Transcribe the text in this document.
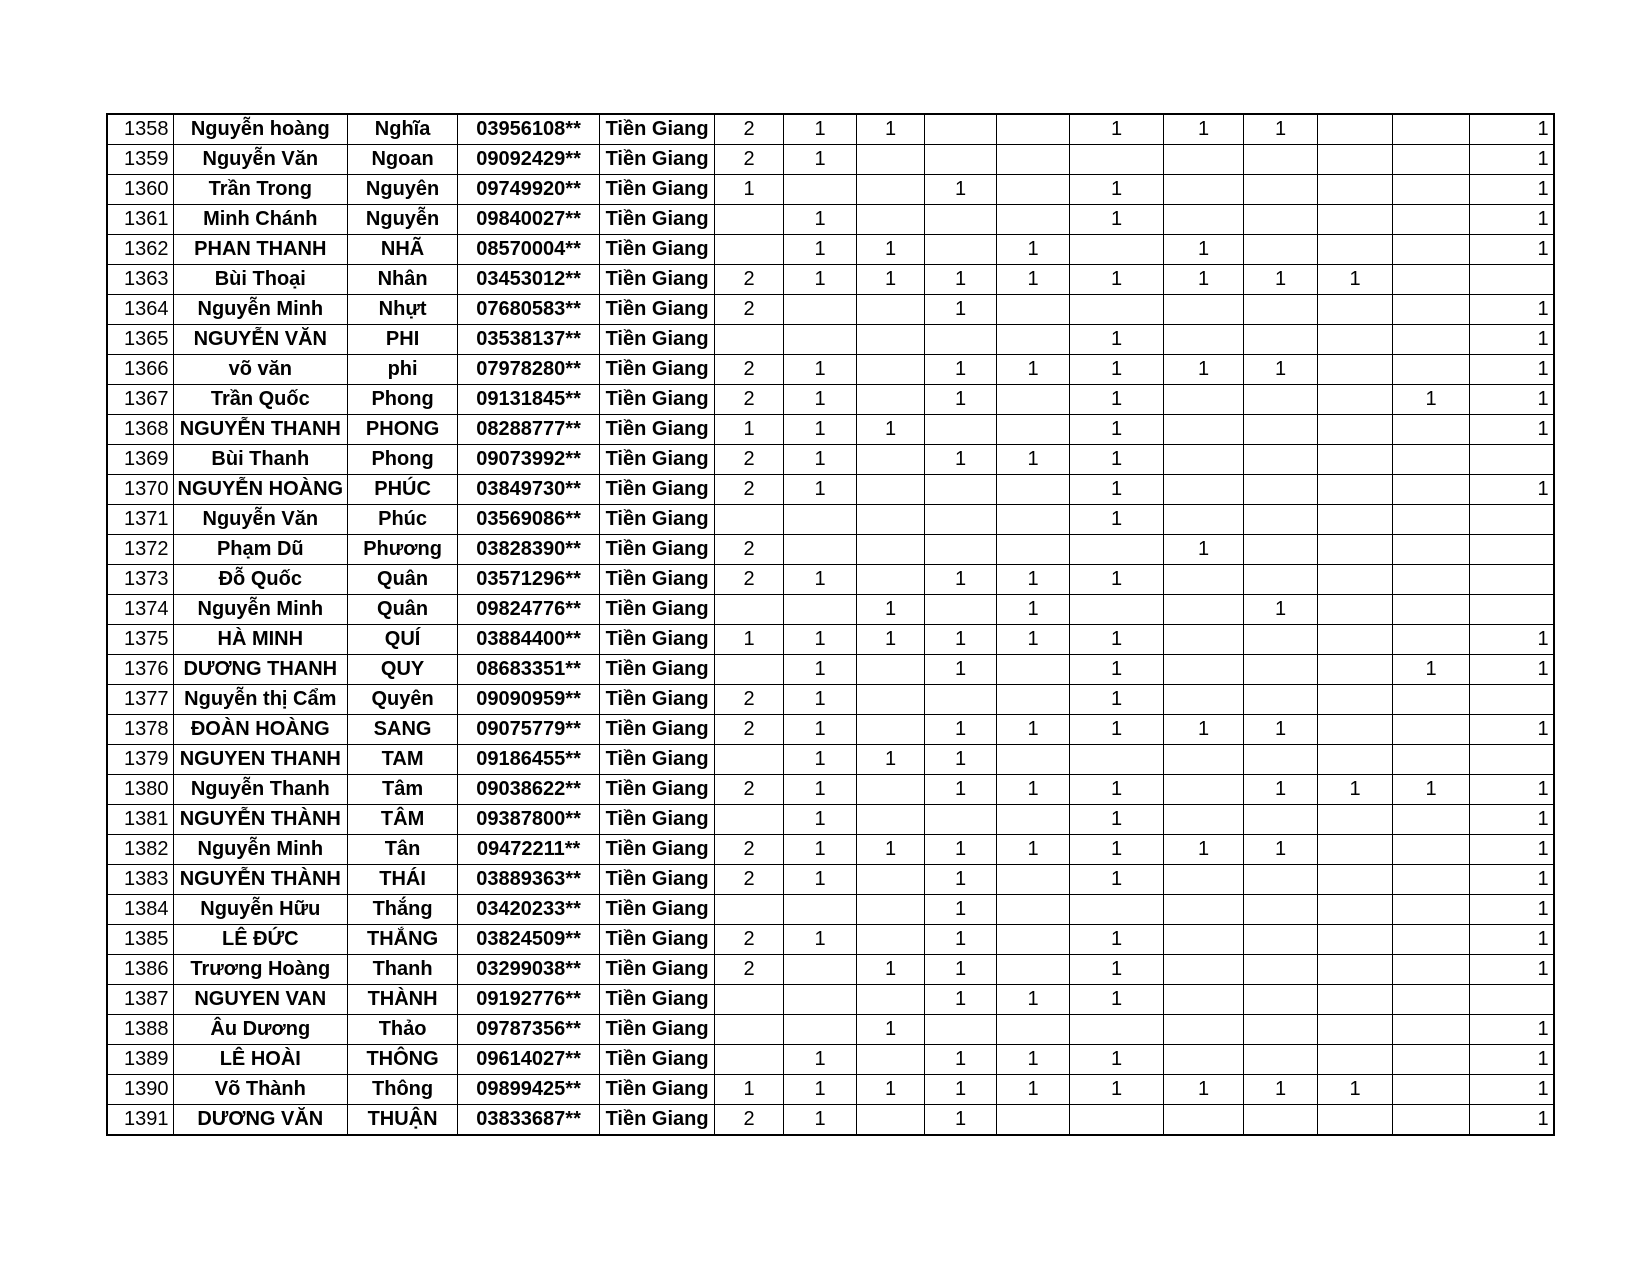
1358	Nguyễn hoàng	Nghĩa	03956108**	Tiền Giang	2	1	1			1	1	1			1
1359	Nguyễn Văn	Ngoan	09092429**	Tiền Giang	2	1									1
1360	Trần Trong	Nguyên	09749920**	Tiền Giang	1			1		1					1
1361	Minh Chánh	Nguyễn	09840027**	Tiền Giang		1				1					1
1362	PHAN THANH	NHÃ	08570004**	Tiền Giang		1	1		1		1				1
1363	Bùi Thoại	Nhân	03453012**	Tiền Giang	2	1	1	1	1	1	1	1	1		
1364	Nguyễn Minh	Nhựt	07680583**	Tiền Giang	2			1							1
1365	NGUYỄN VĂN	PHI	03538137**	Tiền Giang						1					1
1366	võ văn	phi	07978280**	Tiền Giang	2	1		1	1	1	1	1			1
1367	Trần Quốc	Phong	09131845**	Tiền Giang	2	1		1		1				1	1
1368	NGUYỄN THANH	PHONG	08288777**	Tiền Giang	1	1	1			1					1
1369	Bùi Thanh	Phong	09073992**	Tiền Giang	2	1		1	1	1					
1370	NGUYỄN HOÀNG	PHÚC	03849730**	Tiền Giang	2	1				1					1
1371	Nguyễn Văn	Phúc	03569086**	Tiền Giang						1					
1372	Phạm Dũ	Phương	03828390**	Tiền Giang	2						1				
1373	Đỗ Quốc	Quân	03571296**	Tiền Giang	2	1		1	1	1					
1374	Nguyễn Minh	Quân	09824776**	Tiền Giang			1		1			1			
1375	HÀ MINH	QUÍ	03884400**	Tiền Giang	1	1	1	1	1	1					1
1376	DƯƠNG THANH	QUY	08683351**	Tiền Giang		1		1		1				1	1
1377	Nguyễn thị Cẩm	Quyên	09090959**	Tiền Giang	2	1				1					
1378	ĐOÀN HOÀNG	SANG	09075779**	Tiền Giang	2	1		1	1	1	1	1			1
1379	NGUYEN THANH	TAM	09186455**	Tiền Giang		1	1	1							
1380	Nguyễn Thanh	Tâm	09038622**	Tiền Giang	2	1		1	1	1		1	1	1	1
1381	NGUYỄN THÀNH	TÂM	09387800**	Tiền Giang		1				1					1
1382	Nguyễn Minh	Tân	09472211**	Tiền Giang	2	1	1	1	1	1	1	1			1
1383	NGUYỄN THÀNH	THÁI	03889363**	Tiền Giang	2	1		1		1					1
1384	Nguyễn Hữu	Thắng	03420233**	Tiền Giang				1							1
1385	LÊ ĐỨC	THẮNG	03824509**	Tiền Giang	2	1		1		1					1
1386	Trương Hoàng	Thanh	03299038**	Tiền Giang	2		1	1		1					1
1387	NGUYEN VAN	THÀNH	09192776**	Tiền Giang				1	1	1					
1388	Âu Dương	Thảo	09787356**	Tiền Giang			1								1
1389	LÊ HOÀI	THÔNG	09614027**	Tiền Giang		1		1	1	1					1
1390	Võ Thành	Thông	09899425**	Tiền Giang	1	1	1	1	1	1	1	1	1		1
1391	DƯƠNG VĂN	THUẬN	03833687**	Tiền Giang	2	1		1							1
